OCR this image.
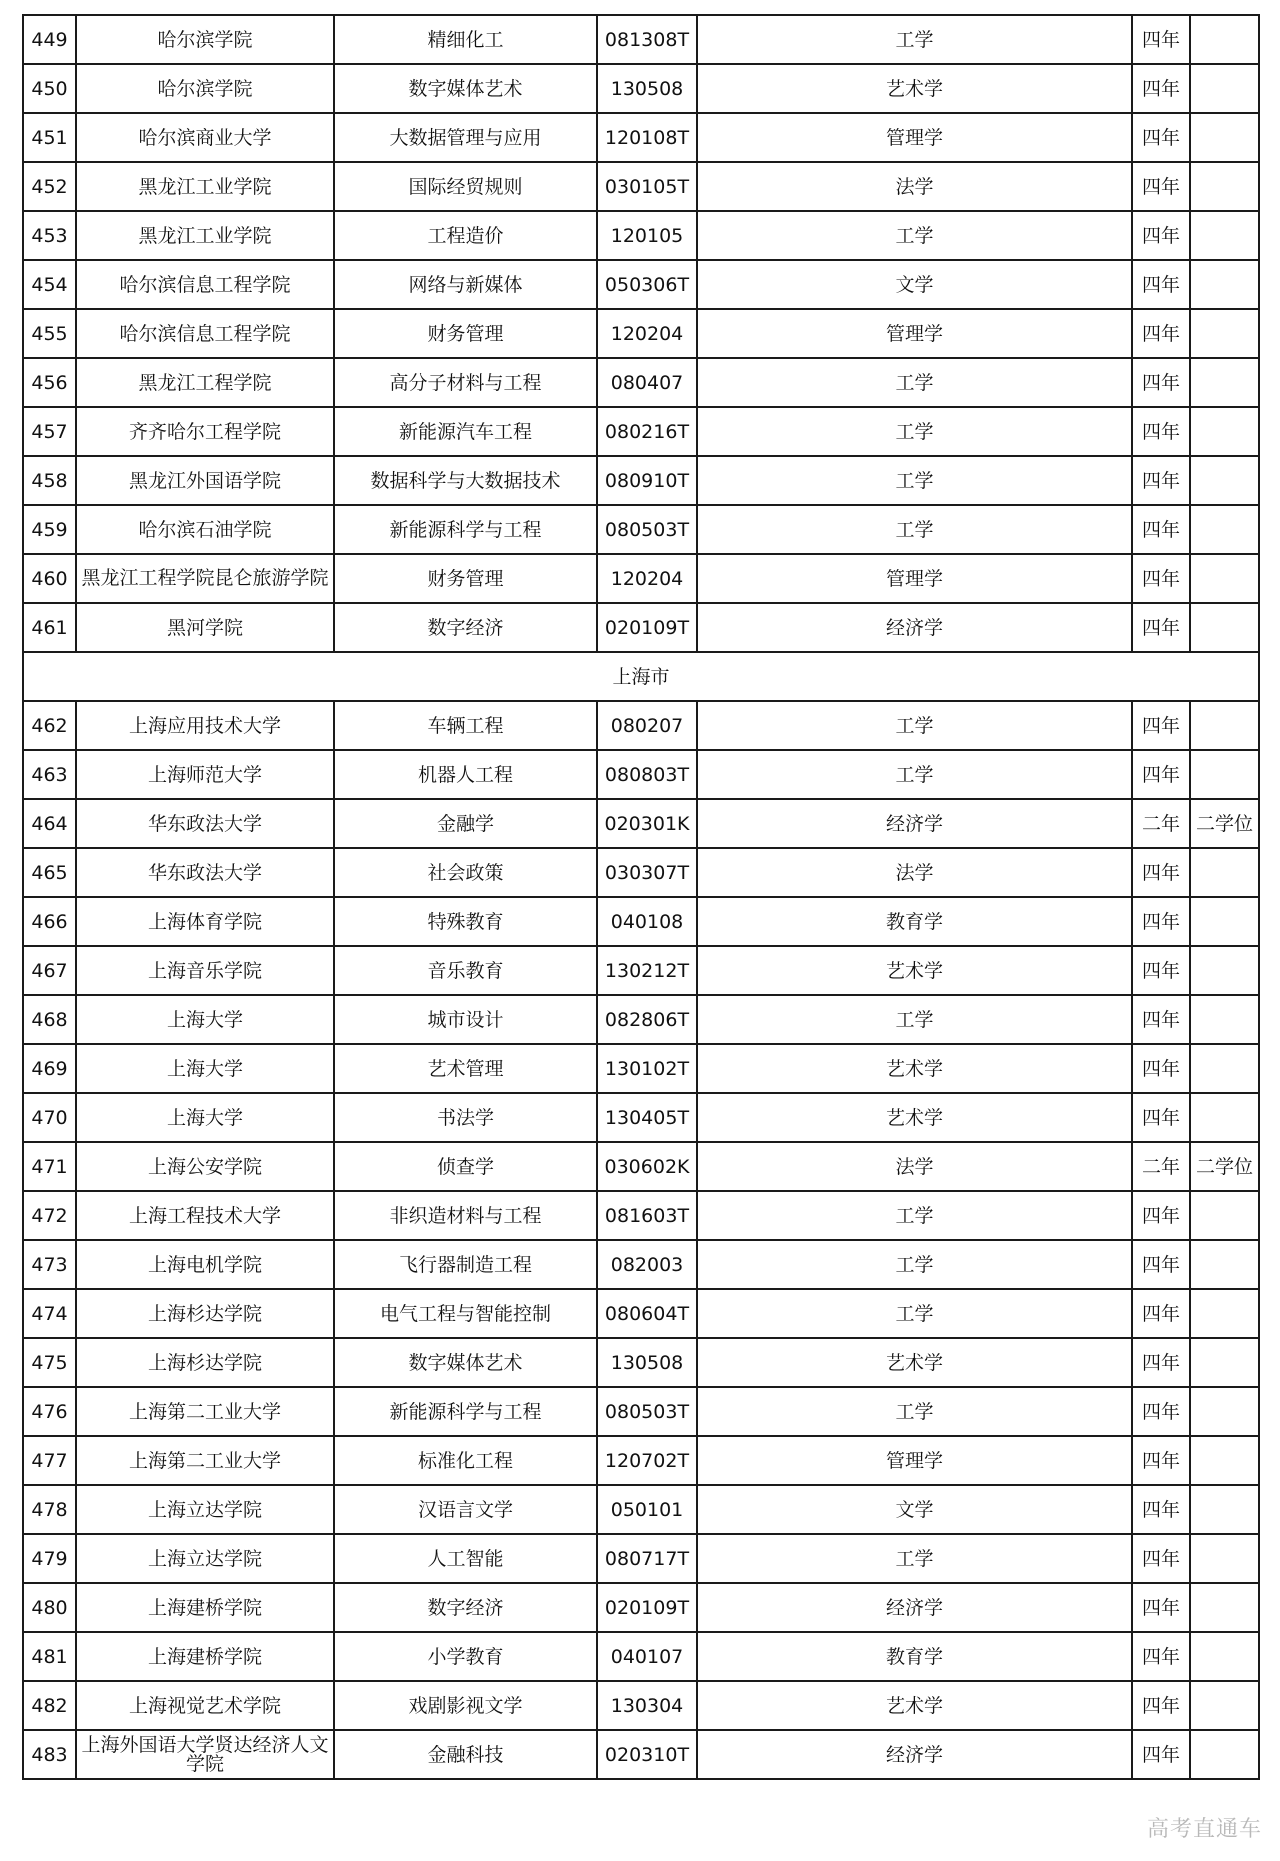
449	哈尔滨学院	精细化工	081308T	工学	四年	
450	哈尔滨学院	数字媒体艺术	130508	艺术学	四年	
451	哈尔滨商业大学	大数据管理与应用	120108T	管理学	四年	
452	黑龙江工业学院	国际经贸规则	030105T	法学	四年	
453	黑龙江工业学院	工程造价	120105	工学	四年	
454	哈尔滨信息工程学院	网络与新媒体	050306T	文学	四年	
455	哈尔滨信息工程学院	财务管理	120204	管理学	四年	
456	黑龙江工程学院	高分子材料与工程	080407	工学	四年	
457	齐齐哈尔工程学院	新能源汽车工程	080216T	工学	四年	
458	黑龙江外国语学院	数据科学与大数据技术	080910T	工学	四年	
459	哈尔滨石油学院	新能源科学与工程	080503T	工学	四年	
460	黑龙江工程学院昆仑旅游学院	财务管理	120204	管理学	四年	
461	黑河学院	数字经济	020109T	经济学	四年	
上海市						
462	上海应用技术大学	车辆工程	080207	工学	四年	
463	上海师范大学	机器人工程	080803T	工学	四年	
464	华东政法大学	金融学	020301K	经济学	二年	二学位
465	华东政法大学	社会政策	030307T	法学	四年	
466	上海体育学院	特殊教育	040108	教育学	四年	
467	上海音乐学院	音乐教育	130212T	艺术学	四年	
468	上海大学	城市设计	082806T	工学	四年	
469	上海大学	艺术管理	130102T	艺术学	四年	
470	上海大学	书法学	130405T	艺术学	四年	
471	上海公安学院	侦查学	030602K	法学	二年	二学位
472	上海工程技术大学	非织造材料与工程	081603T	工学	四年	
473	上海电机学院	飞行器制造工程	082003	工学	四年	
474	上海杉达学院	电气工程与智能控制	080604T	工学	四年	
475	上海杉达学院	数字媒体艺术	130508	艺术学	四年	
476	上海第二工业大学	新能源科学与工程	080503T	工学	四年	
477	上海第二工业大学	标准化工程	120702T	管理学	四年	
478	上海立达学院	汉语言文学	050101	文学	四年	
479	上海立达学院	人工智能	080717T	工学	四年	
480	上海建桥学院	数字经济	020109T	经济学	四年	
481	上海建桥学院	小学教育	040107	教育学	四年	
482	上海视觉艺术学院	戏剧影视文学	130304	艺术学	四年	
483	上海外国语大学贤达经济人文学院	金融科技	020310T	经济学	四年	
高考直通车
